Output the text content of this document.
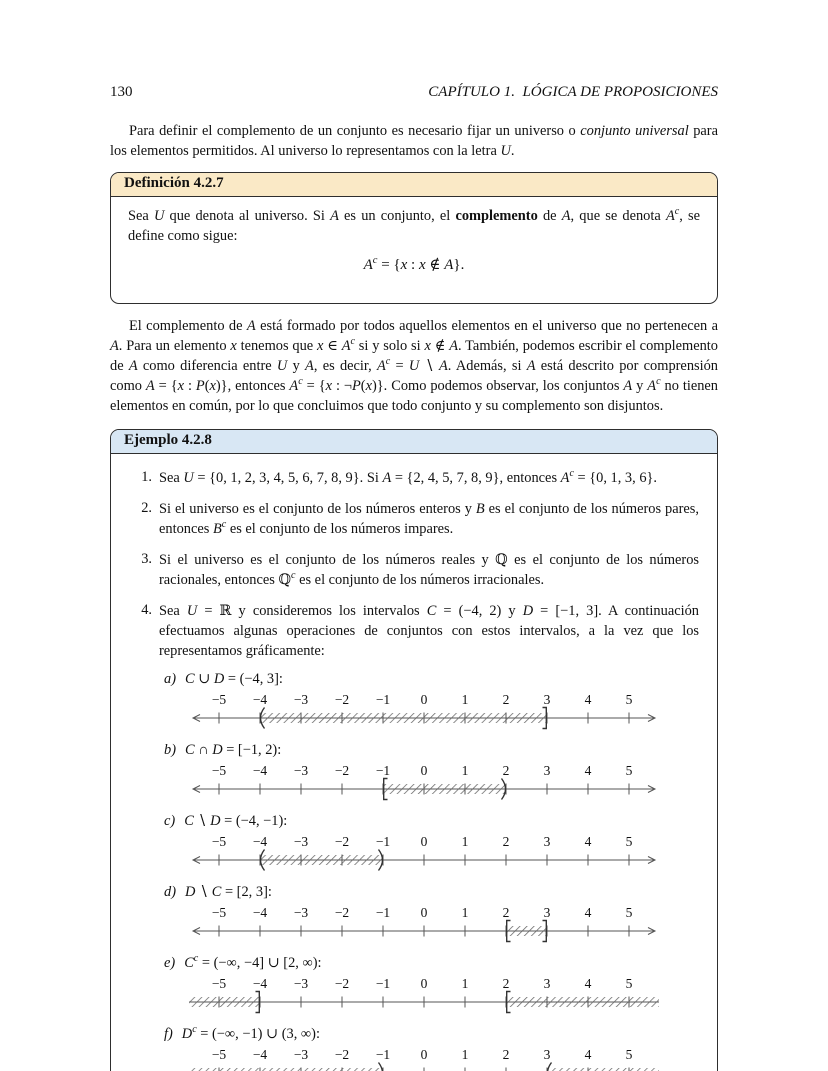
130	CAPÍTULO 1. LÓGICA DE PROPOSICIONES

Para definir el complemento de un conjunto es necesario fijar un universo o conjunto universal para los elementos permitidos. Al universo lo representamos con la letra U.

Definición 4.2.7

Sea U que denota al universo. Si A es un conjunto, el complemento de A, que se denota $A^c$, se define como sigue:

$A^c = \{x$ : x ∉ A}.

El complemento de A está formado por todos aquellos elementos en el universo que no pertenecen a A. Para un elemento x tenemos que x ∈ $A^c$ si y solo si x ∉ A. También, podemos escribir el complemento de A como diferencia entre U y A, es decir, $A^c = U$ ∖ A. Además, si A está descrito por comprensión como A = {x : P(x)}, entonces $A^c = \{x$ : ¬P(x)}. Como podemos observar, los conjuntos A y $A^c$ no tienen elementos en común, por lo que concluimos que todo conjunto y su complemento son disjuntos.

Ejemplo 4.2.8
1. Sea U = {0, 1, 2, 3, 4, 5, 6, 7, 8, 9}. Si A = {2, 4, 5, 7, 8, 9}, entonces $A^c = \{0$, 1, 3, 6}.
2. Si el universo es el conjunto de los números enteros y B es el conjunto de los números pares, entonces $B^c$ es el conjunto de los números impares.
3. Si el universo es el conjunto de los números reales y ℚ es el conjunto de los números racionales, entonces ℚ$^c$ es el conjunto de los números irracionales.
4. Sea U = ℝ y consideremos los intervalos C = (−4, 2) y D = [−1, 3]. A continuación efectuamos algunas operaciones de conjuntos con estos intervalos, a la vez que los representamos gráficamente:
a) C ∪ D = (−4, 3]:
−5 −4 −3 −2 −1 0	1	2	3	4	5
b) C ∩ D = [−1, 2):
−5 −4 −3 −2 −1 0	1	2	3	4	5
c) C ∖ D = (−4, −1):
−5 −4 −3 −2 −1 0	1	2	3	4	5
d) D ∖ C = [2, 3]:
−5 −4 −3 −2 −1 0	1	2	3	4	5
e) $C^c$ = (−∞, −4] ∪ [2, ∞):
−5 −4 −3 −2 −1 0	1	2	3	4	5
f) $D^c$ = (−∞, −1) ∪ (3, ∞):
−5 −4 −3 −2 −1 0	1	2	3	4	5
